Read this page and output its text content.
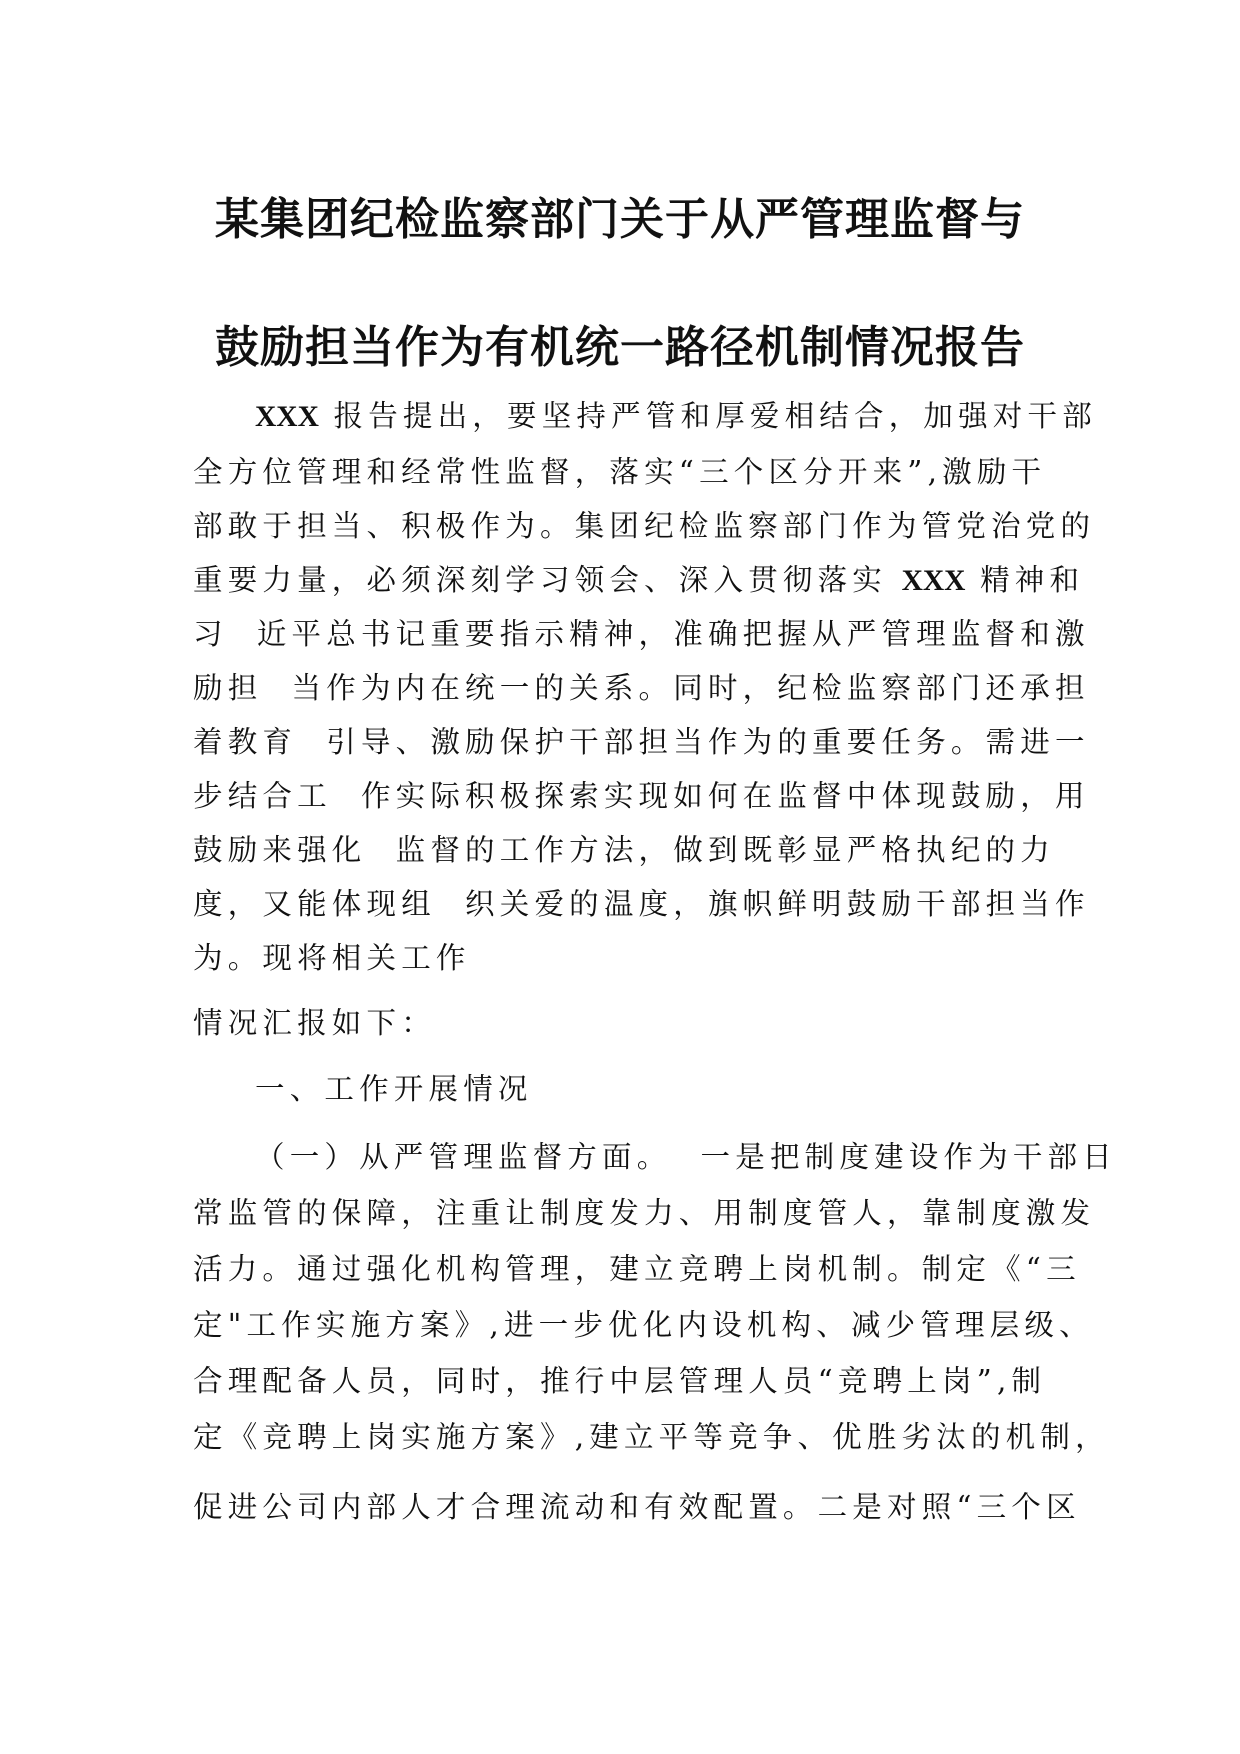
某集团纪检监察部门关于从严管理监督与
鼓励担当作为有机统一路径机制情况报告
XXX 报告提出，要坚持严管和厚爱相结合，加强对干部
全方位管理和经常性监督，落实“三个区分开来”,激励干
部敢于担当、积极作为。集团纪检监察部门作为管党治党的
重要力量，必须深刻学习领会、深入贯彻落实 XXX 精神和
习  近平总书记重要指示精神，准确把握从严管理监督和激
励担  当作为内在统一的关系。同时，纪检监察部门还承担
着教育  引导、激励保护干部担当作为的重要任务。需进一
步结合工  作实际积极探索实现如何在监督中体现鼓励，用
鼓励来强化  监督的工作方法，做到既彰显严格执纪的力
度，又能体现组  织关爱的温度，旗帜鲜明鼓励干部担当作
为。现将相关工作
情况汇报如下：
一、工作开展情况
（一）从严管理监督方面。  一是把制度建设作为干部日
常监管的保障，注重让制度发力、用制度管人，靠制度激发
活力。通过强化机构管理，建立竞聘上岗机制。制定《“三
定"工作实施方案》,进一步优化内设机构、减少管理层级、
合理配备人员，同时，推行中层管理人员“竞聘上岗”,制
定《竞聘上岗实施方案》,建立平等竞争、优胜劣汰的机制，
促进公司内部人才合理流动和有效配置。二是对照“三个区
